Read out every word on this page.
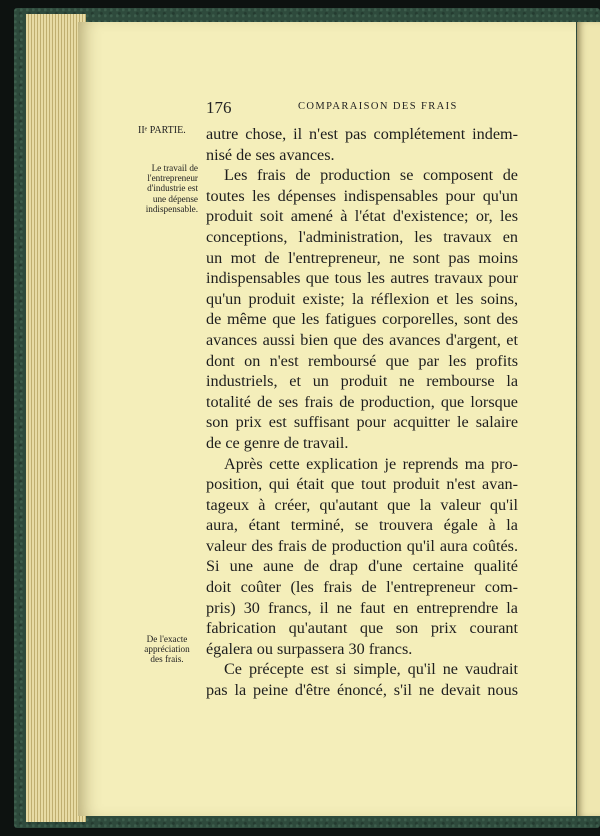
176	COMPARAISON DES FRAIS
IIᵉ PARTIE.
Le travail de
l'entrepreneur
d'industrie est
une dépense
indispensable.
De l'exacte
appréciation
des frais.
autre chose, il n'est pas complétement indem-
nisé de ses avances.
Les frais de production se composent de
toutes les dépenses indispensables pour qu'un
produit soit amené à l'état d'existence; or, les
conceptions, l'administration, les travaux en
un mot de l'entrepreneur, ne sont pas moins
indispensables que tous les autres travaux pour
qu'un produit existe; la réflexion et les soins,
de même que les fatigues corporelles, sont des
avances aussi bien que des avances d'argent, et
dont on n'est remboursé que par les profits
industriels, et un produit ne rembourse la
totalité de ses frais de production, que lorsque
son prix est suffisant pour acquitter le salaire
de ce genre de travail.
Après cette explication je reprends ma pro-
position, qui était que tout produit n'est avan-
tageux à créer, qu'autant que la valeur qu'il
aura, étant terminé, se trouvera égale à la
valeur des frais de production qu'il aura coûtés.
Si une aune de drap d'une certaine qualité
doit coûter (les frais de l'entrepreneur com-
pris) 30 francs, il ne faut en entreprendre la
fabrication qu'autant que son prix courant
égalera ou surpassera 30 francs.
Ce précepte est si simple, qu'il ne vaudrait
pas la peine d'être énoncé, s'il ne devait nous
